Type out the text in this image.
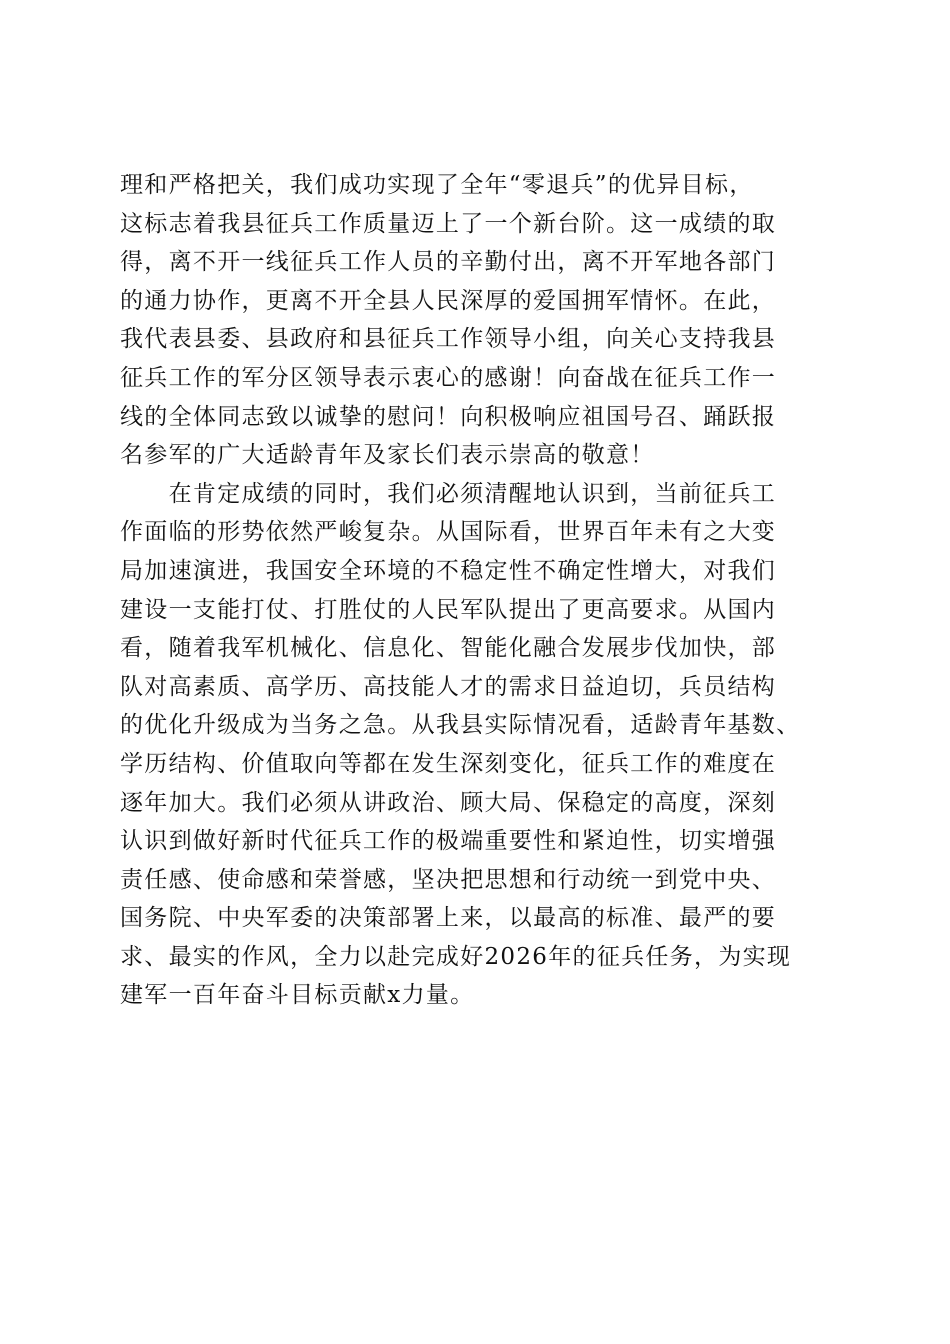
理和严格把关，我们成功实现了全年“零退兵”的优异目标，
这标志着我县征兵工作质量迈上了一个新台阶。这一成绩的取
得，离不开一线征兵工作人员的辛勤付出，离不开军地各部门
的通力协作，更离不开全县人民深厚的爱国拥军情怀。在此，
我代表县委、县政府和县征兵工作领导小组，向关心支持我县
征兵工作的军分区领导表示衷心的感谢！向奋战在征兵工作一
线的全体同志致以诚挚的慰问！向积极响应祖国号召、踊跃报
名参军的广大适龄青年及家长们表示崇高的敬意！
　　在肯定成绩的同时，我们必须清醒地认识到，当前征兵工
作面临的形势依然严峻复杂。从国际看，世界百年未有之大变
局加速演进，我国安全环境的不稳定性不确定性增大，对我们
建设一支能打仗、打胜仗的人民军队提出了更高要求。从国内
看，随着我军机械化、信息化、智能化融合发展步伐加快，部
队对高素质、高学历、高技能人才的需求日益迫切，兵员结构
的优化升级成为当务之急。从我县实际情况看，适龄青年基数、
学历结构、价值取向等都在发生深刻变化，征兵工作的难度在
逐年加大。我们必须从讲政治、顾大局、保稳定的高度，深刻
认识到做好新时代征兵工作的极端重要性和紧迫性，切实增强
责任感、使命感和荣誉感，坚决把思想和行动统一到党中央、
国务院、中央军委的决策部署上来，以最高的标准、最严的要
求、最实的作风，全力以赴完成好2026年的征兵任务，为实现
建军一百年奋斗目标贡献x力量。
